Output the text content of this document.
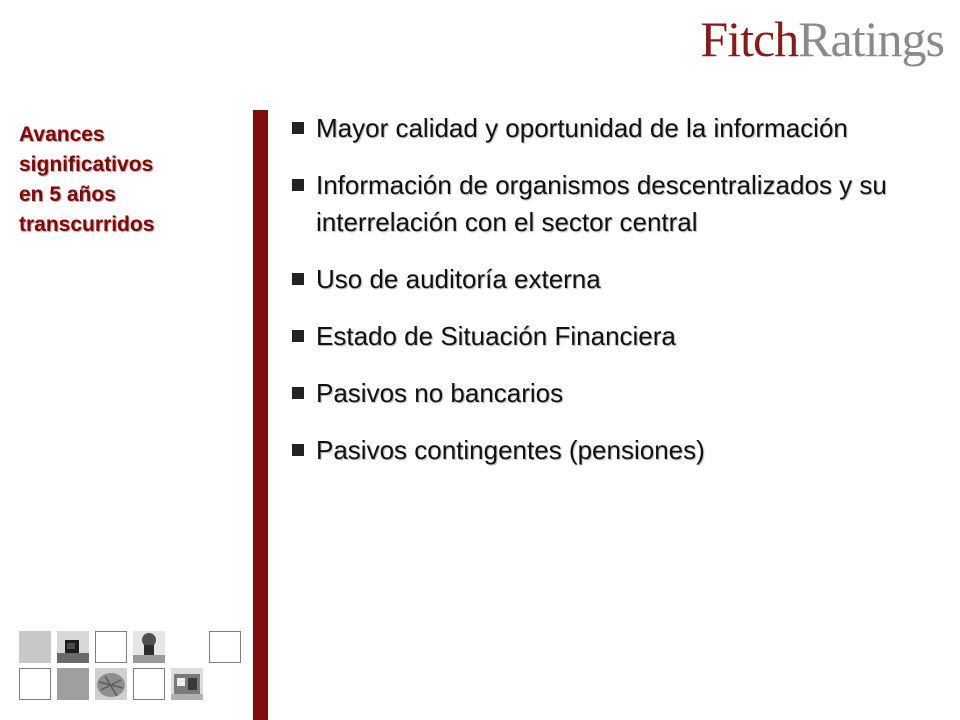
FitchRatings
Avances
significativos
en 5 años
transcurridos
Mayor calidad y oportunidad de la información
Información de organismos descentralizados y su interrelación con el sector central
Uso de auditoría externa
Estado de Situación Financiera
Pasivos no bancarios
Pasivos contingentes (pensiones)
